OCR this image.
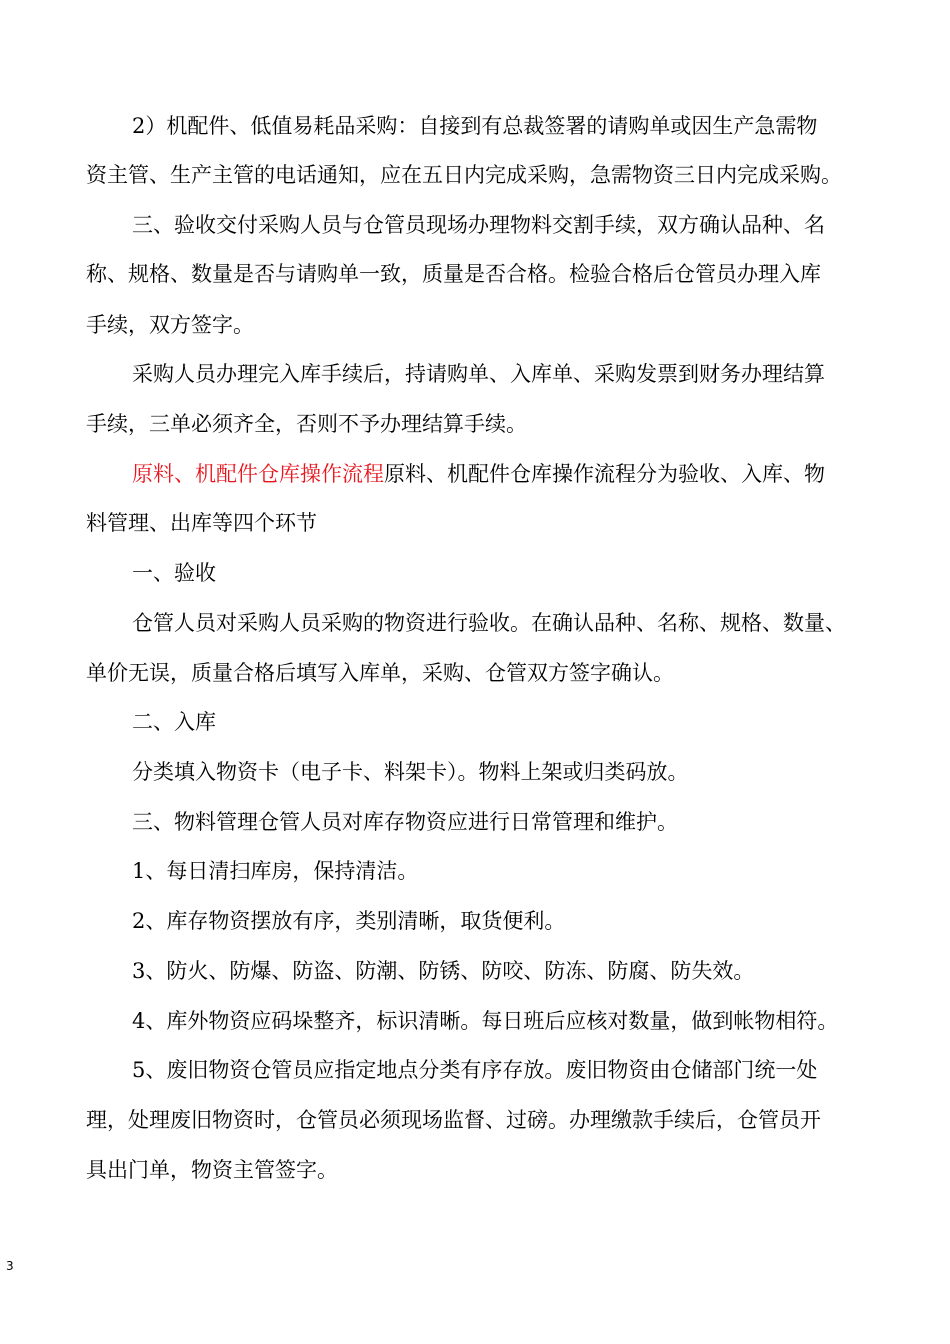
2）机配件、低值易耗品采购：自接到有总裁签署的请购单或因生产急需物
资主管、生产主管的电话通知，应在五日内完成采购，急需物资三日内完成采购。
三、验收交付采购人员与仓管员现场办理物料交割手续，双方确认品种、名
称、规格、数量是否与请购单一致，质量是否合格。检验合格后仓管员办理入库
手续，双方签字。
采购人员办理完入库手续后，持请购单、入库单、采购发票到财务办理结算
手续，三单必须齐全，否则不予办理结算手续。
原料、机配件仓库操作流程原料、机配件仓库操作流程分为验收、入库、物
料管理、出库等四个环节
一、验收
仓管人员对采购人员采购的物资进行验收。在确认品种、名称、规格、数量、
单价无误，质量合格后填写入库单，采购、仓管双方签字确认。
二、入库
分类填入物资卡（电子卡、料架卡）。物料上架或归类码放。
三、物料管理仓管人员对库存物资应进行日常管理和维护。
1、每日清扫库房，保持清洁。
2、库存物资摆放有序，类别清晰，取货便利。
3、防火、防爆、防盗、防潮、防锈、防咬、防冻、防腐、防失效。
4、库外物资应码垛整齐，标识清晰。每日班后应核对数量，做到帐物相符。
5、废旧物资仓管员应指定地点分类有序存放。废旧物资由仓储部门统一处
理，处理废旧物资时，仓管员必须现场监督、过磅。办理缴款手续后，仓管员开
具出门单，物资主管签字。
3
